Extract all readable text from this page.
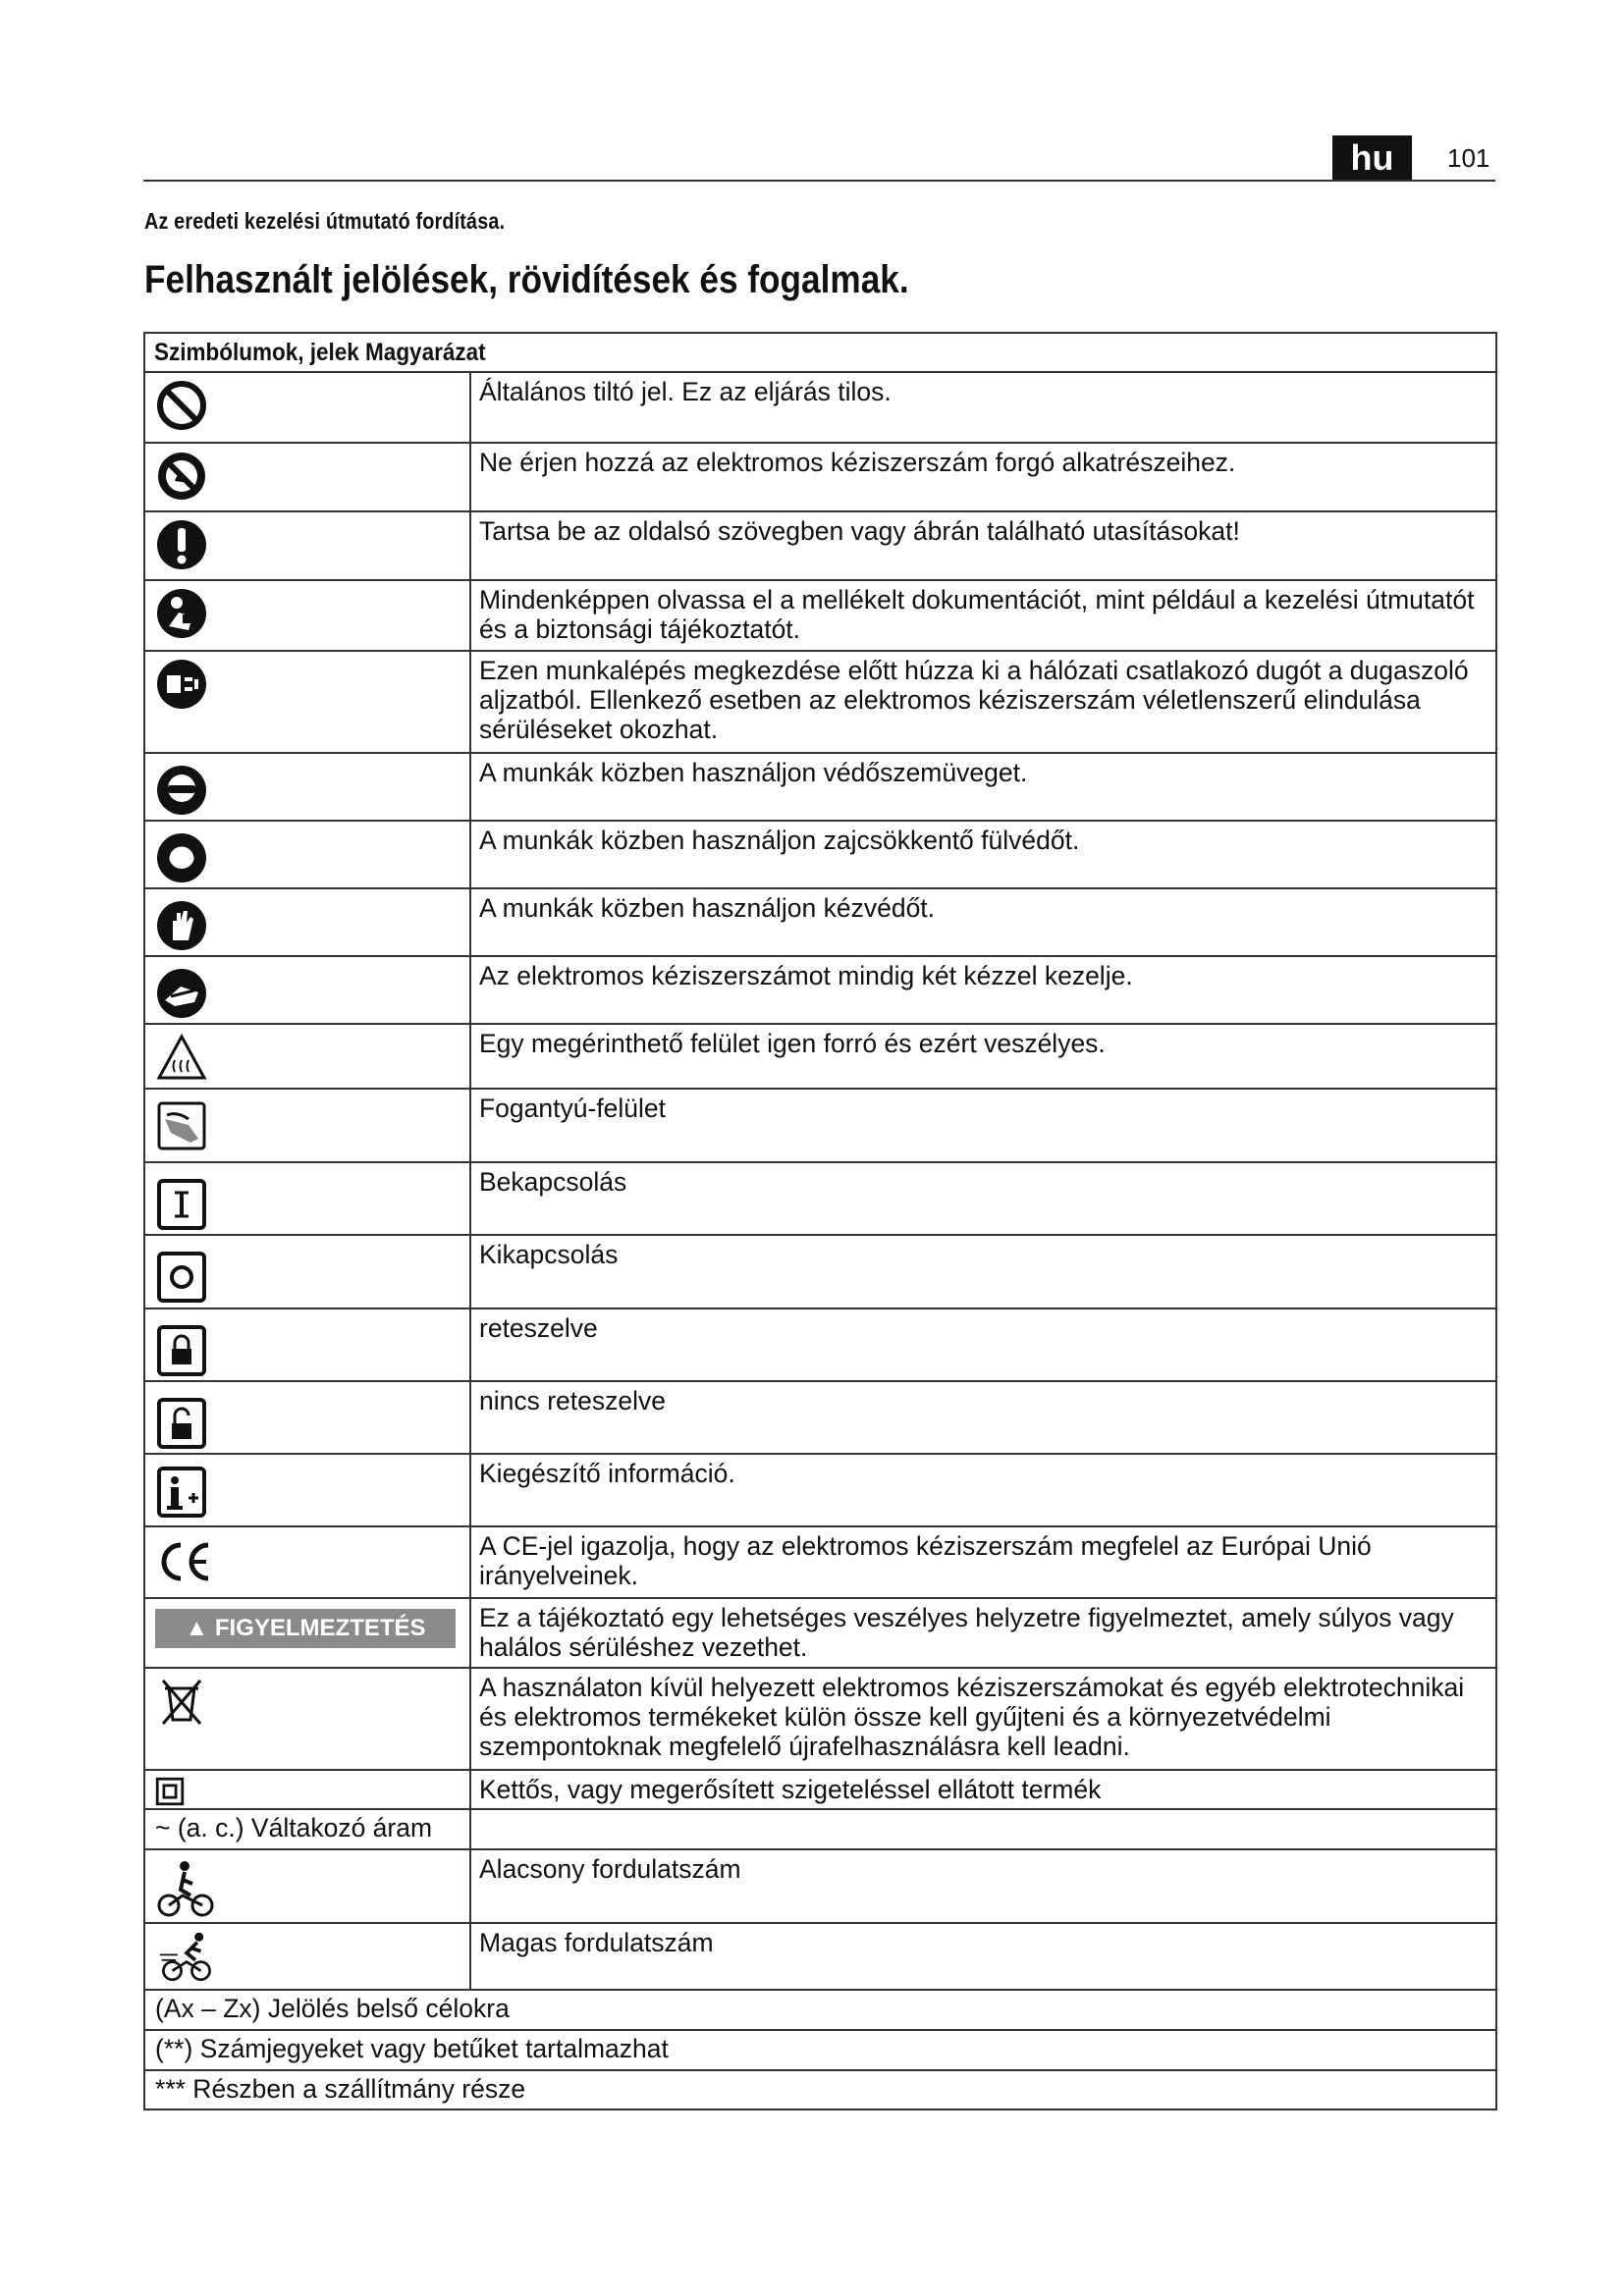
hu	101
Az eredeti kezelési útmutató fordítása.
Felhasznált jelölések, rövidítések és fogalmak.
Szimbólumok, jelek Magyarázat
Általános tiltó jel. Ez az eljárás tilos.
Ne érjen hozzá az elektromos kéziszerszám forgó alkatrészeihez.
Tartsa be az oldalsó szövegben vagy ábrán található utasításokat!
Mindenképpen olvassa el a mellékelt dokumentációt, mint például a kezelési útmutatót és a biztonsági tájékoztatót.
Ezen munkalépés megkezdése előtt húzza ki a hálózati csatlakozó dugót a dugaszoló aljzatból. Ellenkező esetben az elektromos kéziszerszám véletlenszerű elindulása sérüléseket okozhat.
A munkák közben használjon védőszemüveget.
A munkák közben használjon zajcsökkentő fülvédőt.
A munkák közben használjon kézvédőt.
Az elektromos kéziszerszámot mindig két kézzel kezelje.
Egy megérinthető felület igen forró és ezért veszélyes.
Fogantyú-felület
Bekapcsolás
Kikapcsolás
reteszelve
nincs reteszelve
Kiegészítő információ.
A CE-jel igazolja, hogy az elektromos kéziszerszám megfelel az Európai Unió irányelveinek.
▲ FIGYELMEZTETÉS	Ez a tájékoztató egy lehetséges veszélyes helyzetre figyelmeztet, amely súlyos vagy halálos sérüléshez vezethet.
A használaton kívül helyezett elektromos kéziszerszámokat és egyéb elektrotechnikai és elektromos termékeket külön össze kell gyűjteni és a környezetvédelmi szempontoknak megfelelő újrafelhasználásra kell leadni.
Kettős, vagy megerősített szigeteléssel ellátott termék
~ (a. c.) Váltakozó áram
Alacsony fordulatszám
Magas fordulatszám
(Ax – Zx) Jelölés belső célokra
(**) Számjegyeket vagy betűket tartalmazhat
*** Részben a szállítmány része
